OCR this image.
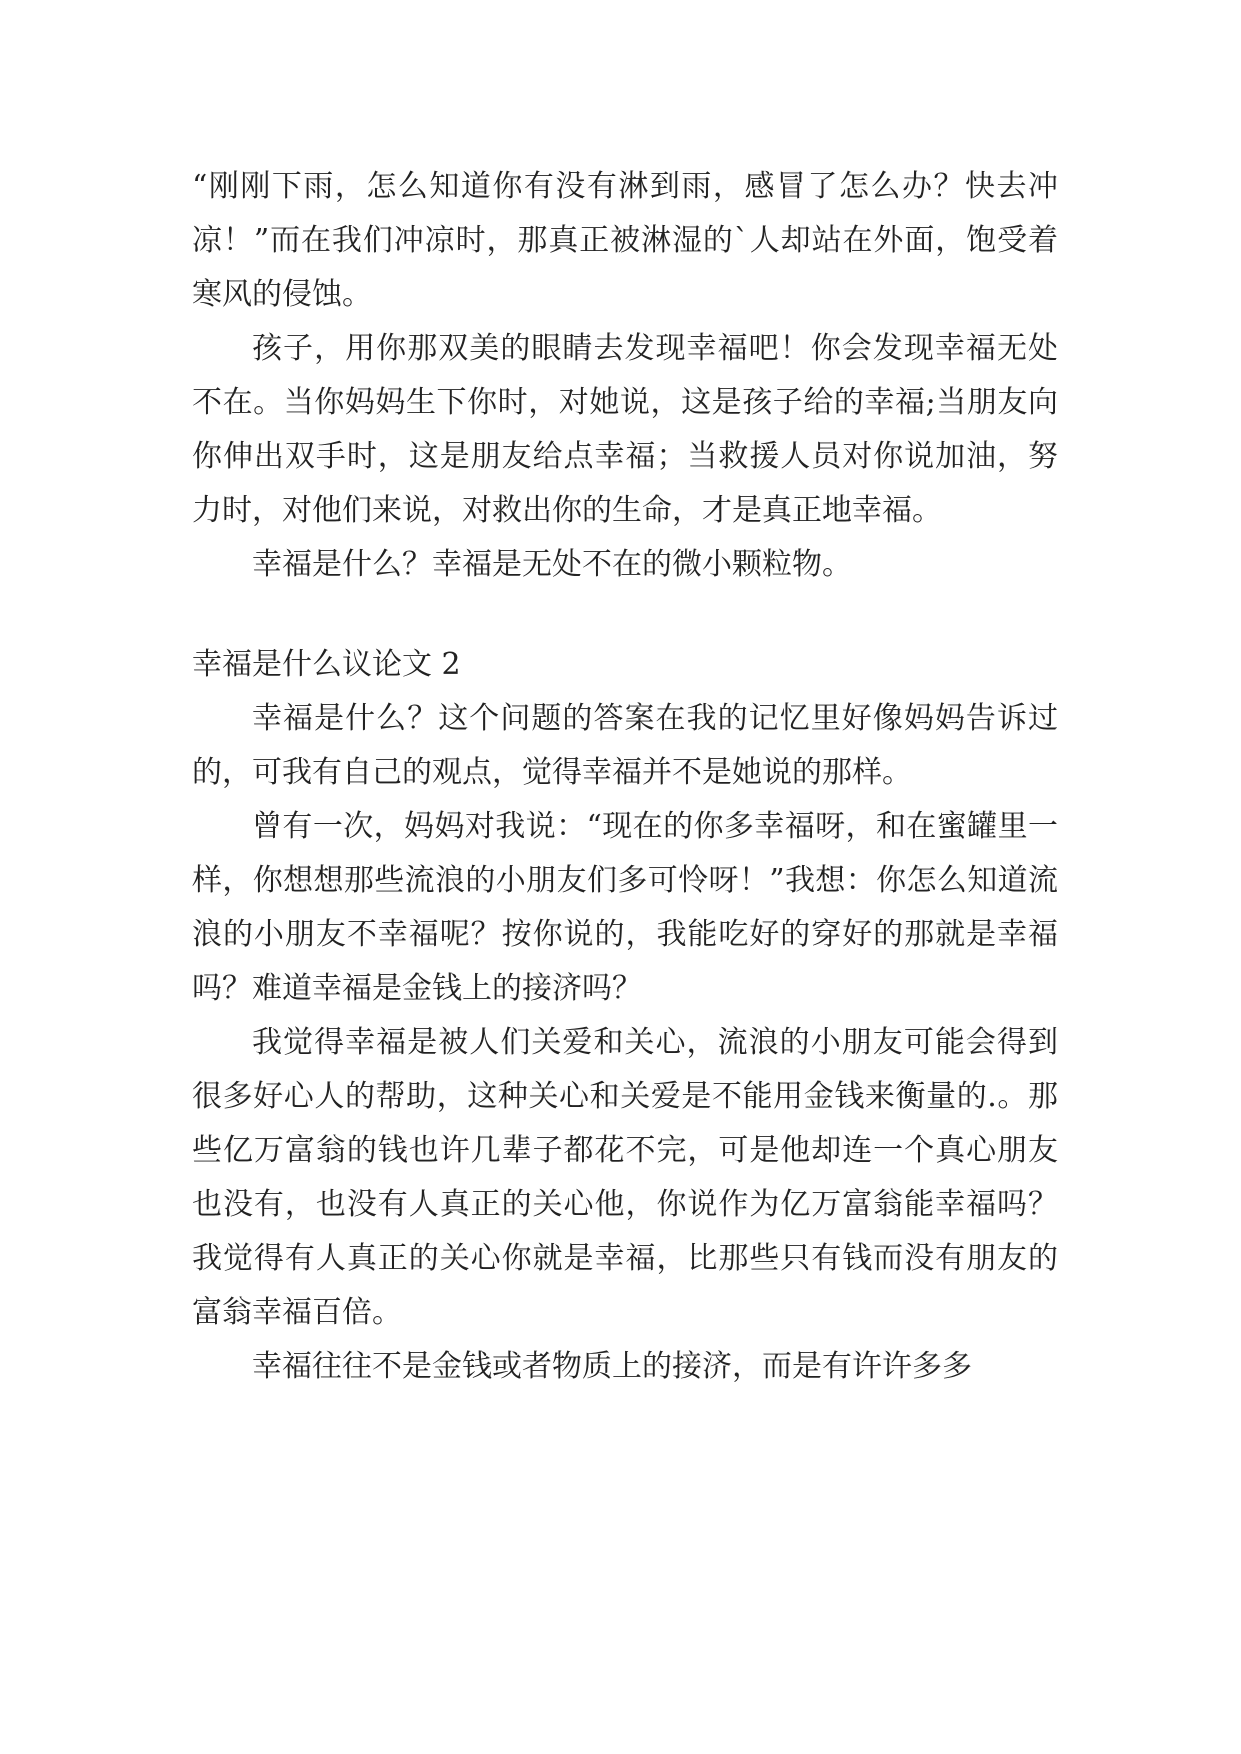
“刚刚下雨，怎么知道你有没有淋到雨，感冒了怎么办？快去冲凉！”而在我们冲凉时，那真正被淋湿的`人却站在外面，饱受着寒风的侵蚀。

孩子，用你那双美的眼睛去发现幸福吧！你会发现幸福无处不在。当你妈妈生下你时，对她说，这是孩子给的幸福;当朋友向你伸出双手时，这是朋友给点幸福；当救援人员对你说加油，努力时，对他们来说，对救出你的生命，才是真正地幸福。

幸福是什么？幸福是无处不在的微小颗粒物。

幸福是什么议论文 2

幸福是什么？这个问题的答案在我的记忆里好像妈妈告诉过的，可我有自己的观点，觉得幸福并不是她说的那样。

曾有一次，妈妈对我说：“现在的你多幸福呀，和在蜜罐里一样，你想想那些流浪的小朋友们多可怜呀！”我想：你怎么知道流浪的小朋友不幸福呢？按你说的，我能吃好的穿好的那就是幸福吗？难道幸福是金钱上的接济吗？

我觉得幸福是被人们关爱和关心，流浪的小朋友可能会得到很多好心人的帮助，这种关心和关爱是不能用金钱来衡量的.。那些亿万富翁的钱也许几辈子都花不完，可是他却连一个真心朋友也没有，也没有人真正的关心他，你说作为亿万富翁能幸福吗？我觉得有人真正的关心你就是幸福，比那些只有钱而没有朋友的富翁幸福百倍。

幸福往往不是金钱或者物质上的接济，而是有许许多多
